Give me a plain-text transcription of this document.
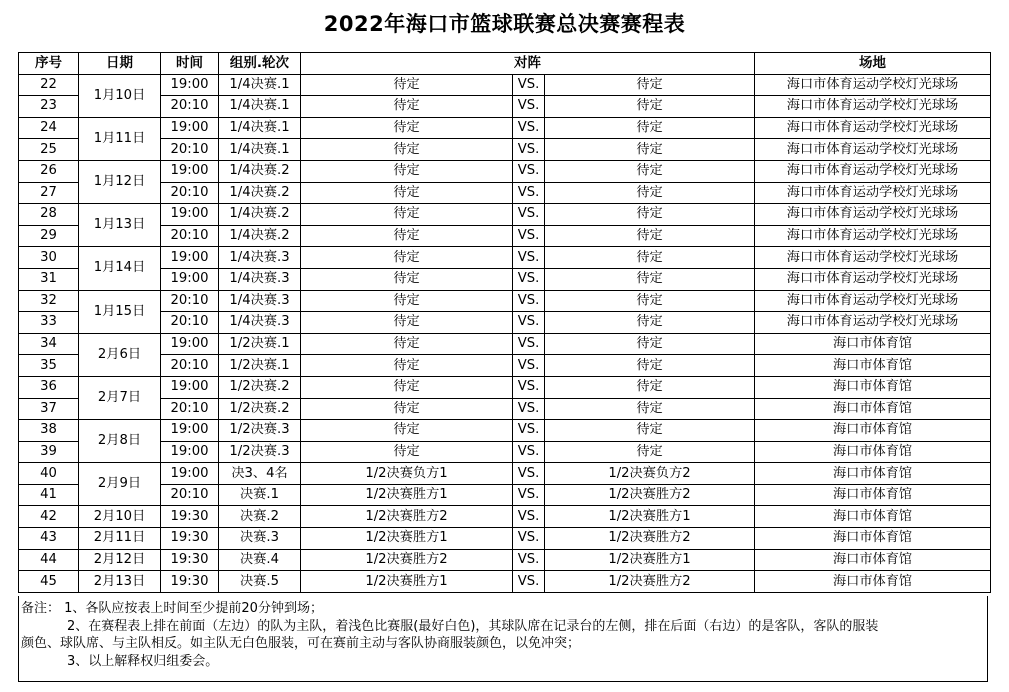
2022年海口市篮球联赛总决赛赛程表
序号	日期	时间	组别.轮次	对阵			场地
22	1月10日	19:00	1/4决赛.1	待定	VS.	待定	海口市体育运动学校灯光球场
23		20:10	1/4决赛.1	待定	VS.	待定	海口市体育运动学校灯光球场
24	1月11日	19:00	1/4决赛.1	待定	VS.	待定	海口市体育运动学校灯光球场
25		20:10	1/4决赛.1	待定	VS.	待定	海口市体育运动学校灯光球场
26	1月12日	19:00	1/4决赛.2	待定	VS.	待定	海口市体育运动学校灯光球场
27		20:10	1/4决赛.2	待定	VS.	待定	海口市体育运动学校灯光球场
28	1月13日	19:00	1/4决赛.2	待定	VS.	待定	海口市体育运动学校灯光球场
29		20:10	1/4决赛.2	待定	VS.	待定	海口市体育运动学校灯光球场
30	1月14日	19:00	1/4决赛.3	待定	VS.	待定	海口市体育运动学校灯光球场
31		19:00	1/4决赛.3	待定	VS.	待定	海口市体育运动学校灯光球场
32	1月15日	20:10	1/4决赛.3	待定	VS.	待定	海口市体育运动学校灯光球场
33		20:10	1/4决赛.3	待定	VS.	待定	海口市体育运动学校灯光球场
34	2月6日	19:00	1/2决赛.1	待定	VS.	待定	海口市体育馆
35		20:10	1/2决赛.1	待定	VS.	待定	海口市体育馆
36	2月7日	19:00	1/2决赛.2	待定	VS.	待定	海口市体育馆
37		20:10	1/2决赛.2	待定	VS.	待定	海口市体育馆
38	2月8日	19:00	1/2决赛.3	待定	VS.	待定	海口市体育馆
39		19:00	1/2决赛.3	待定	VS.	待定	海口市体育馆
40	2月9日	19:00	决3、4名	1/2决赛负方1	VS.	1/2决赛负方2	海口市体育馆
41		20:10	决赛.1	1/2决赛胜方1	VS.	1/2决赛胜方2	海口市体育馆
42	2月10日	19:30	决赛.2	1/2决赛胜方2	VS.	1/2决赛胜方1	海口市体育馆
43	2月11日	19:30	决赛.3	1/2决赛胜方1	VS.	1/2决赛胜方2	海口市体育馆
44	2月12日	19:30	决赛.4	1/2决赛胜方2	VS.	1/2决赛胜方1	海口市体育馆
45	2月13日	19:30	决赛.5	1/2决赛胜方1	VS.	1/2决赛胜方2	海口市体育馆

备注： 1、各队应按表上时间至少提前20分钟到场；

2、在赛程表上排在前面（左边）的队为主队，着浅色比赛服(最好白色)，其球队席在记录台的左侧，排在后面（右边）的是客队，客队的服装

颜色、球队席、与主队相反。如主队无白色服装，可在赛前主动与客队协商服装颜色，以免冲突；

3、以上解释权归组委会。
